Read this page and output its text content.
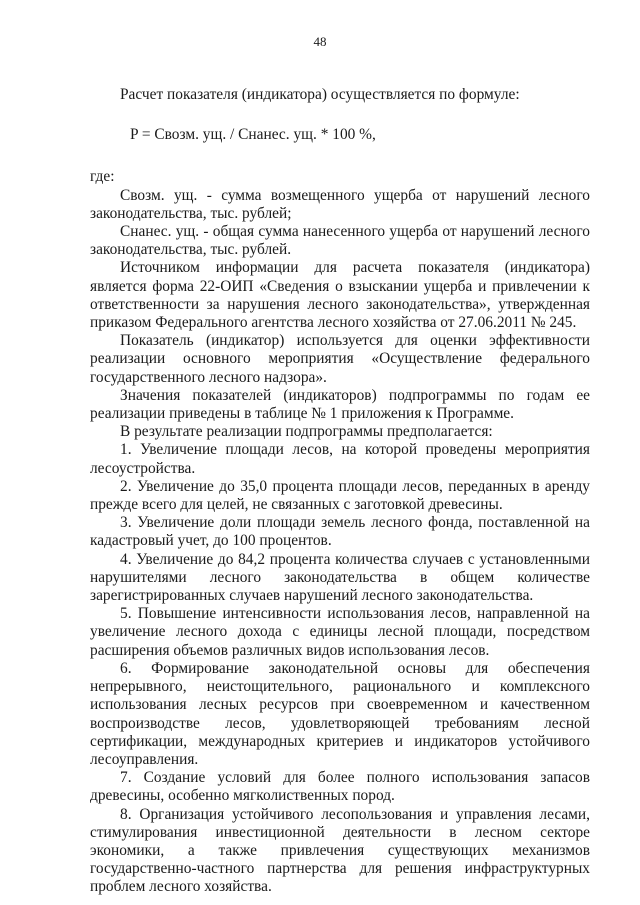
48

Расчет показателя (индикатора) осуществляется по формуле:

P = Свозм. ущ. / Снанес. ущ. * 100 %,

где:

Свозм. ущ. - сумма возмещенного ущерба от нарушений лесного законодательства, тыс. рублей;

Снанес. ущ. - общая сумма нанесенного ущерба от нарушений лесного законодательства, тыс. рублей.

Источником информации для расчета показателя (индикатора) является форма 22-ОИП «Сведения о взыскании ущерба и привлечении к ответственности за нарушения лесного законодательства», утвержденная приказом Федерального агентства лесного хозяйства от 27.06.2011 № 245.

Показатель (индикатор) используется для оценки эффективности реализации основного мероприятия «Осуществление федерального государственного лесного надзора».

Значения показателей (индикаторов) подпрограммы по годам ее реализации приведены в таблице № 1 приложения к Программе.

В результате реализации подпрограммы предполагается:

1. Увеличение площади лесов, на которой проведены мероприятия лесоустройства.

2. Увеличение до 35,0 процента площади лесов, переданных в аренду прежде всего для целей, не связанных с заготовкой древесины.

3. Увеличение доли площади земель лесного фонда, поставленной на кадастровый учет, до 100 процентов.

4. Увеличение до 84,2 процента количества случаев с установленными нарушителями лесного законодательства в общем количестве зарегистрированных случаев нарушений лесного законодательства.

5. Повышение интенсивности использования лесов, направленной на увеличение лесного дохода с единицы лесной площади, посредством расширения объемов различных видов использования лесов.

6. Формирование законодательной основы для обеспечения непрерывного, неистощительного, рационального и комплексного использования лесных ресурсов при своевременном и качественном воспроизводстве лесов, удовлетворяющей требованиям лесной сертификации, международных критериев и индикаторов устойчивого лесоуправления.

7. Создание условий для более полного использования запасов древесины, особенно мягколиственных пород.

8. Организация устойчивого лесопользования и управления лесами, стимулирования инвестиционной деятельности в лесном секторе экономики, а также привлечения существующих механизмов государственно-частного партнерства для решения инфраструктурных проблем лесного хозяйства.
